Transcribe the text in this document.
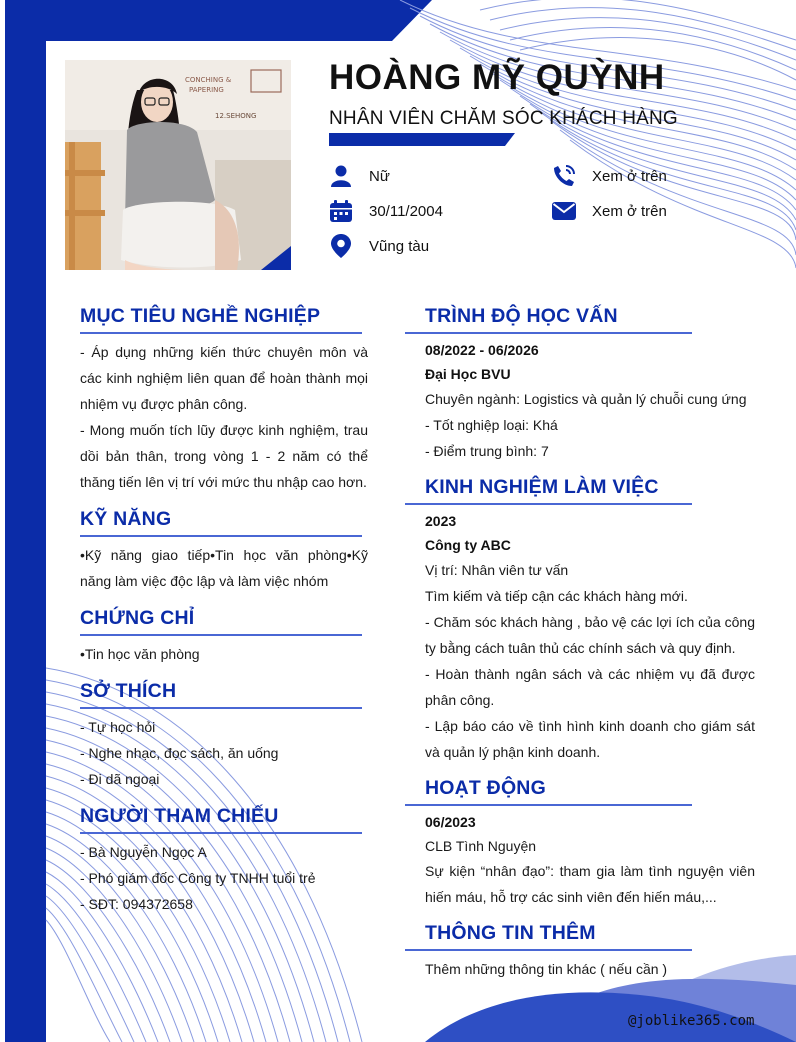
CONCHING &
PAPERING
12.SEHONG
HOÀNG MỸ QUỲNH
NHÂN VIÊN CHĂM SÓC KHÁCH HÀNG
Nữ
30/11/2004
Vũng tàu
Xem ở trên
Xem ở trên
MỤC TIÊU NGHỀ NGHIỆP

- Áp dụng những kiến thức chuyên môn và các kinh nghiệm liên quan để hoàn thành mọi nhiệm vụ được phân công.

- Mong muốn tích lũy được kinh nghiệm, trau dồi bản thân, trong vòng 1 - 2 năm có thể thăng tiến lên vị trí với mức thu nhập cao hơn.

KỸ NĂNG

•Kỹ năng giao tiếp•Tin học văn phòng•Kỹ năng làm việc độc lập và làm việc nhóm

CHỨNG CHỈ

•Tin học văn phòng

SỞ THÍCH
- Tự học hỏi
- Nghe nhạc, đọc sách, ăn uống
- Đi dã ngoại
NGƯỜI THAM CHIẾU
- Bà Nguyễn Ngọc A
- Phó giám đốc Công ty TNHH tuổi trẻ
- SĐT: 094372658
TRÌNH ĐỘ HỌC VẤN
08/2022 - 06/2026
Đại Học BVU
Chuyên ngành: Logistics và quản lý chuỗi cung ứng
- Tốt nghiệp loại: Khá
- Điểm trung bình: 7
KINH NGHIỆM LÀM VIỆC
2023
Công ty ABC
Vị trí: Nhân viên tư vấn
Tìm kiếm và tiếp cận các khách hàng mới.

- Chăm sóc khách hàng , bảo vệ các lợi ích của công ty bằng cách tuân thủ các chính sách và quy định.

- Hoàn thành ngân sách và các nhiệm vụ đã được phân công.

- Lập báo cáo về tình hình kinh doanh cho giám sát và quản lý phận kinh doanh.

HOẠT ĐỘNG
06/2023
CLB Tình Nguyện

Sự kiện “nhân đạo”: tham gia làm tình nguyện viên hiến máu, hỗ trợ các sinh viên đến hiến máu,...

THÔNG TIN THÊM
Thêm những thông tin khác ( nếu cần )
@joblike365.com
